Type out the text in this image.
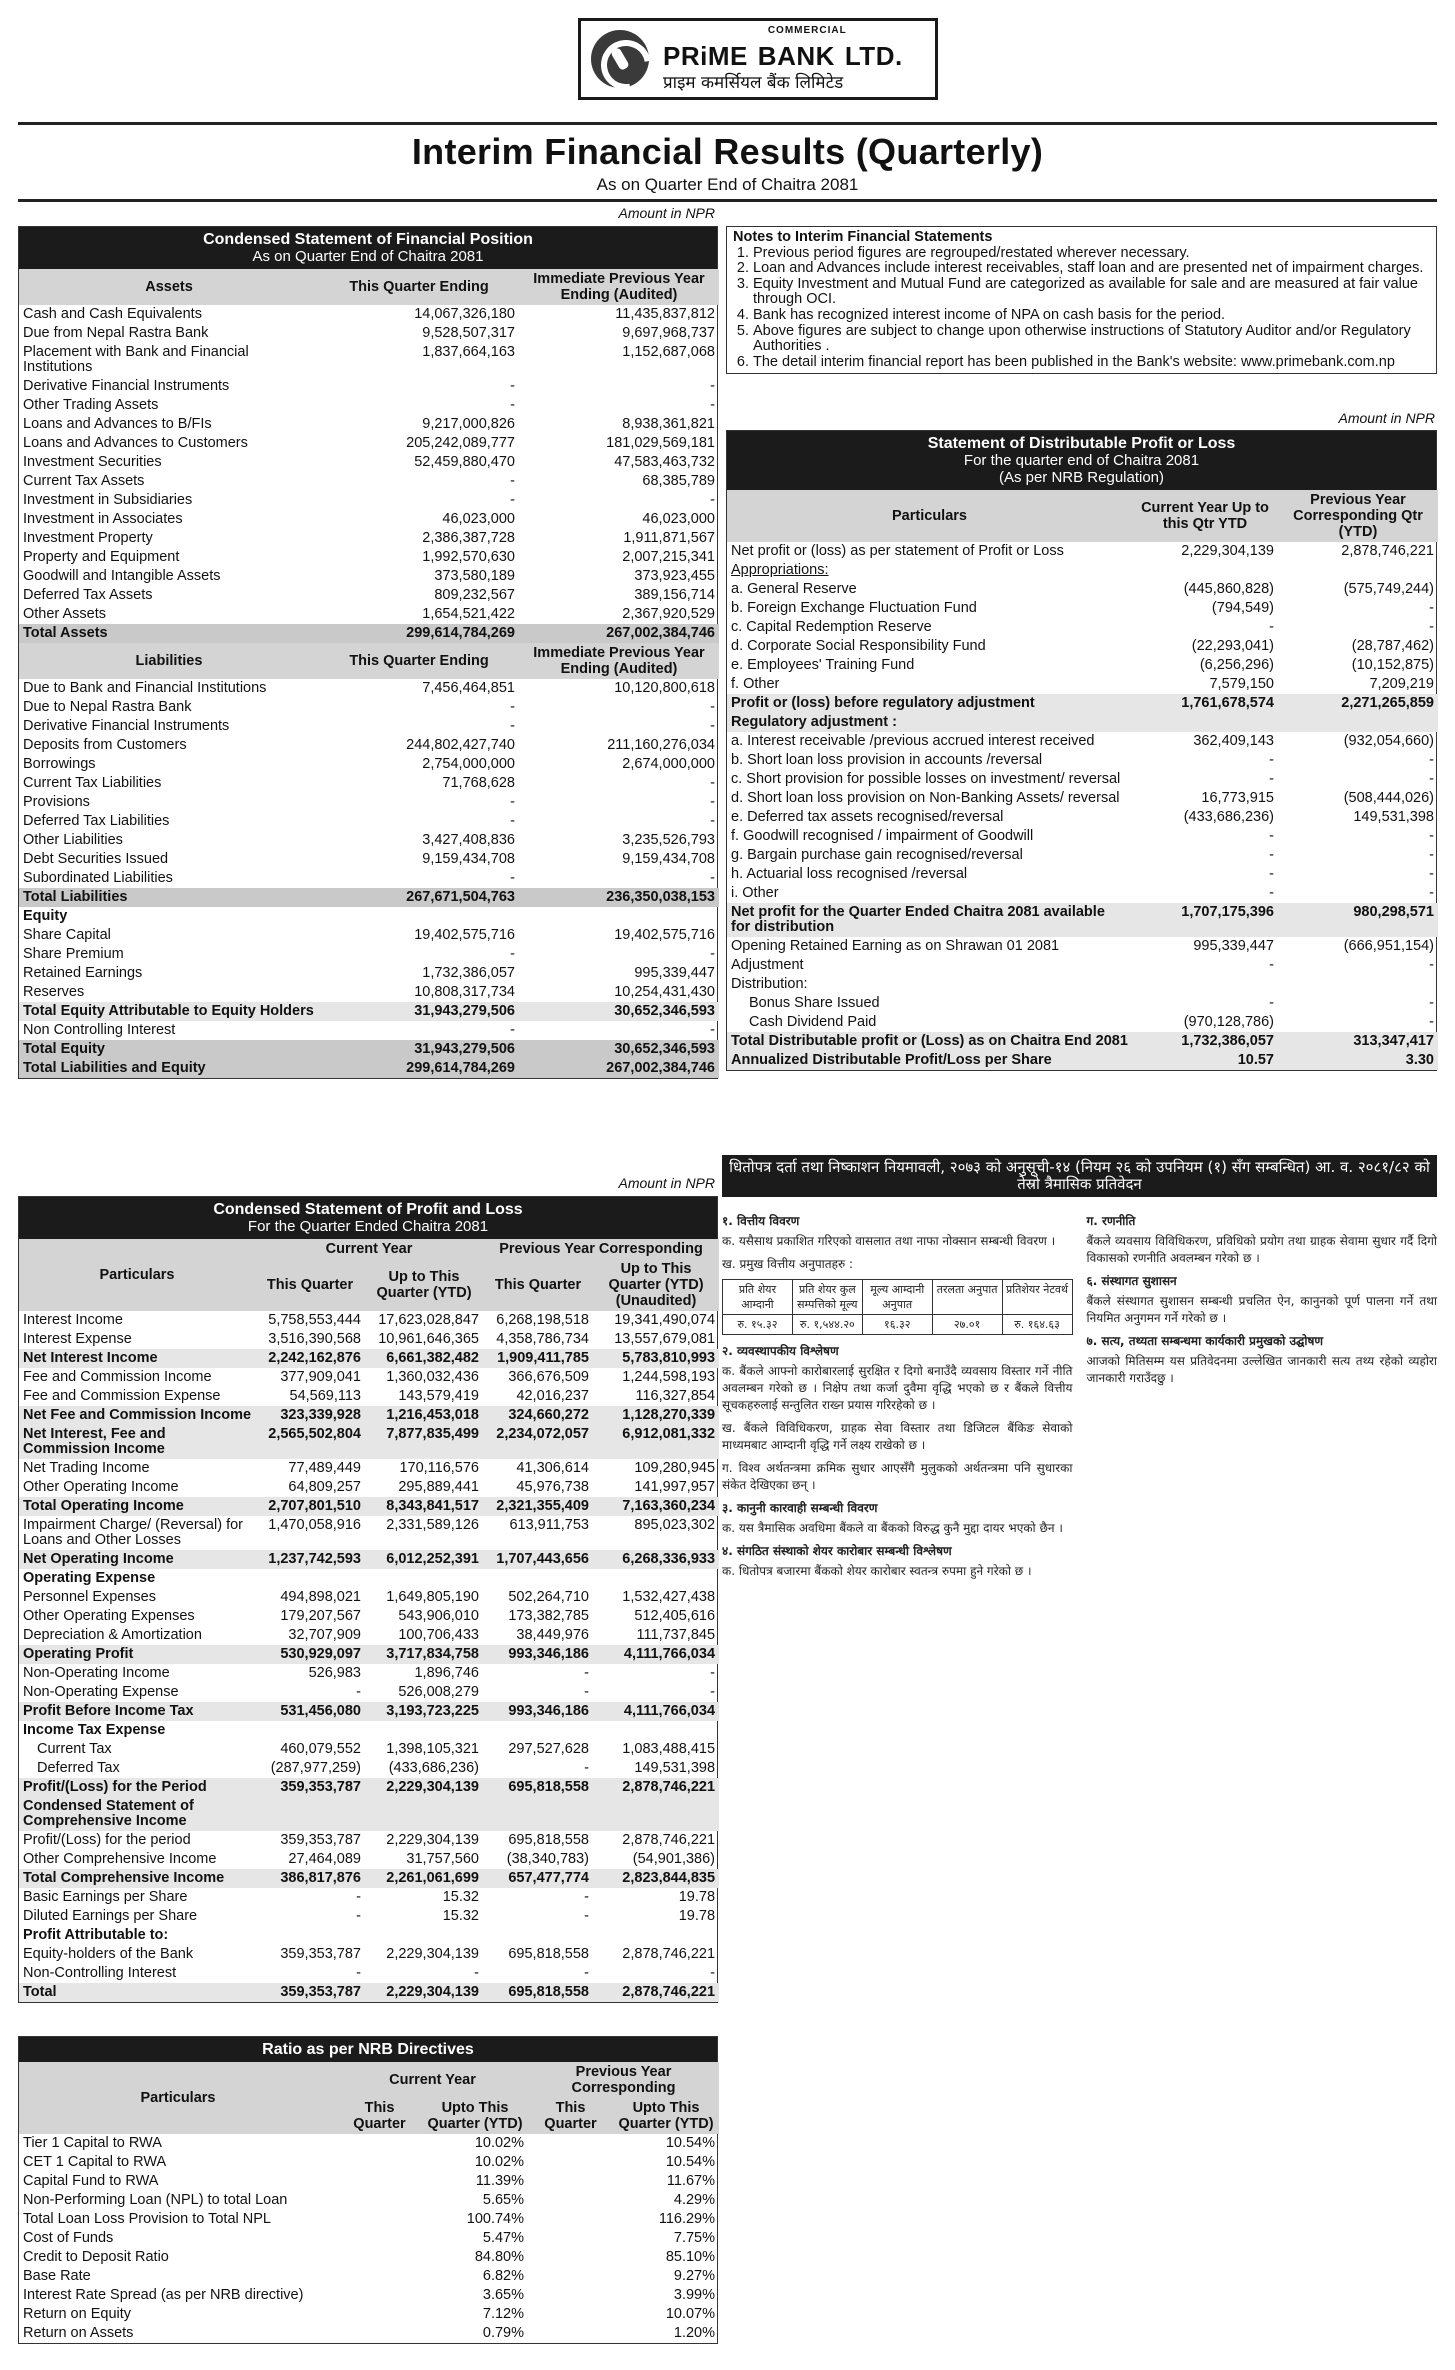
COMMERCIAL
PRiME BANK LTD.
प्राइम कमर्सियल बैंक लिमिटेड
Interim Financial Results (Quarterly)
As on Quarter End of Chaitra 2081
Amount in NPR
Condensed Statement of Financial Position
As on Quarter End of Chaitra 2081
Assets	This Quarter Ending	Immediate Previous Year Ending (Audited)
Cash and Cash Equivalents	14,067,326,180	11,435,837,812
Due from Nepal Rastra Bank	9,528,507,317	9,697,968,737
Placement with Bank and Financial Institutions	1,837,664,163	1,152,687,068
Derivative Financial Instruments	-	-
Other Trading Assets	-	-
Loans and Advances to B/FIs	9,217,000,826	8,938,361,821
Loans and Advances to Customers	205,242,089,777	181,029,569,181
Investment Securities	52,459,880,470	47,583,463,732
Current Tax Assets	-	68,385,789
Investment in Subsidiaries	-	-
Investment in Associates	46,023,000	46,023,000
Investment Property	2,386,387,728	1,911,871,567
Property and Equipment	1,992,570,630	2,007,215,341
Goodwill and Intangible Assets	373,580,189	373,923,455
Deferred Tax Assets	809,232,567	389,156,714
Other Assets	1,654,521,422	2,367,920,529
Total Assets	299,614,784,269	267,002,384,746
Liabilities	This Quarter Ending	Immediate Previous Year Ending (Audited)
Due to Bank and Financial Institutions	7,456,464,851	10,120,800,618
Due to Nepal Rastra Bank	-	-
Derivative Financial Instruments	-	-
Deposits from Customers	244,802,427,740	211,160,276,034
Borrowings	2,754,000,000	2,674,000,000
Current Tax Liabilities	71,768,628	-
Provisions	-	-
Deferred Tax Liabilities	-	-
Other Liabilities	3,427,408,836	3,235,526,793
Debt Securities Issued	9,159,434,708	9,159,434,708
Subordinated Liabilities	-	-
Total Liabilities	267,671,504,763	236,350,038,153
Equity		
Share Capital	19,402,575,716	19,402,575,716
Share Premium	-	-
Retained Earnings	1,732,386,057	995,339,447
Reserves	10,808,317,734	10,254,431,430
Total Equity Attributable to Equity Holders	31,943,279,506	30,652,346,593
Non Controlling Interest	-	-
Total Equity	31,943,279,506	30,652,346,593
Total Liabilities and Equity	299,614,784,269	267,002,384,746
Amount in NPR
Condensed Statement of Profit and Loss
For the Quarter Ended Chaitra 2081
Particulars	Current Year		Previous Year Corresponding	
	This Quarter	Up to This Quarter (YTD)	This Quarter	Up to This Quarter (YTD) (Unaudited)
Interest Income	5,758,553,444	17,623,028,847	6,268,198,518	19,341,490,074
Interest Expense	3,516,390,568	10,961,646,365	4,358,786,734	13,557,679,081
Net Interest Income	2,242,162,876	6,661,382,482	1,909,411,785	5,783,810,993
Fee and Commission Income	377,909,041	1,360,032,436	366,676,509	1,244,598,193
Fee and Commission Expense	54,569,113	143,579,419	42,016,237	116,327,854
Net Fee and Commission Income	323,339,928	1,216,453,018	324,660,272	1,128,270,339
Net Interest, Fee and Commission Income	2,565,502,804	7,877,835,499	2,234,072,057	6,912,081,332
Net Trading Income	77,489,449	170,116,576	41,306,614	109,280,945
Other Operating Income	64,809,257	295,889,441	45,976,738	141,997,957
Total Operating Income	2,707,801,510	8,343,841,517	2,321,355,409	7,163,360,234
Impairment Charge/ (Reversal) for Loans and Other Losses	1,470,058,916	2,331,589,126	613,911,753	895,023,302
Net Operating Income	1,237,742,593	6,012,252,391	1,707,443,656	6,268,336,933
Operating Expense				
Personnel Expenses	494,898,021	1,649,805,190	502,264,710	1,532,427,438
Other Operating Expenses	179,207,567	543,906,010	173,382,785	512,405,616
Depreciation & Amortization	32,707,909	100,706,433	38,449,976	111,737,845
Operating Profit	530,929,097	3,717,834,758	993,346,186	4,111,766,034
Non-Operating Income	526,983	1,896,746	-	-
Non-Operating Expense	-	526,008,279	-	-
Profit Before Income Tax	531,456,080	3,193,723,225	993,346,186	4,111,766,034
Income Tax Expense				
Current Tax	460,079,552	1,398,105,321	297,527,628	1,083,488,415
Deferred Tax	(287,977,259)	(433,686,236)	-	149,531,398
Profit/(Loss) for the Period	359,353,787	2,229,304,139	695,818,558	2,878,746,221
Condensed Statement of Comprehensive Income				
Profit/(Loss) for the period	359,353,787	2,229,304,139	695,818,558	2,878,746,221
Other Comprehensive Income	27,464,089	31,757,560	(38,340,783)	(54,901,386)
Total Comprehensive Income	386,817,876	2,261,061,699	657,477,774	2,823,844,835
Basic Earnings per Share	-	15.32	-	19.78
Diluted Earnings per Share	-	15.32	-	19.78
Profit Attributable to:				
Equity-holders of the Bank	359,353,787	2,229,304,139	695,818,558	2,878,746,221
Non-Controlling Interest	-	-	-	-
Total	359,353,787	2,229,304,139	695,818,558	2,878,746,221
Ratio as per NRB Directives
Particulars	Current Year		Previous Year Corresponding	
	This Quarter	Upto This Quarter (YTD)	This Quarter	Upto This Quarter (YTD)
Tier 1 Capital to RWA		10.02%		10.54%
CET 1 Capital to RWA		10.02%		10.54%
Capital Fund to RWA		11.39%		11.67%
Non-Performing Loan (NPL) to total Loan		5.65%		4.29%
Total Loan Loss Provision to Total NPL		100.74%		116.29%
Cost of Funds		5.47%		7.75%
Credit to Deposit Ratio		84.80%		85.10%
Base Rate		6.82%		9.27%
Interest Rate Spread (as per NRB directive)		3.65%		3.99%
Return on Equity		7.12%		10.07%
Return on Assets		0.79%		1.20%
Notes to Interim Financial Statements
1. Previous period figures are regrouped/restated wherever necessary.
2. Loan and Advances include interest receivables, staff loan and are presented net of impairment charges.
3. Equity Investment and Mutual Fund are categorized as available for sale and are measured at fair value through OCI.
4. Bank has recognized interest income of NPA on cash basis for the period.
5. Above figures are subject to change upon otherwise instructions of Statutory Auditor and/or Regulatory Authorities .
6. The detail interim financial report has been published in the Bank's website: www.primebank.com.np
Amount in NPR
Statement of Distributable Profit or Loss
For the quarter end of Chaitra 2081
(As per NRB Regulation)
Particulars	Current Year Up to this Qtr YTD	Previous Year Corresponding Qtr (YTD)
Net profit or (loss) as per statement of Profit or Loss	2,229,304,139	2,878,746,221
Appropriations:		
a. General Reserve	(445,860,828)	(575,749,244)
b. Foreign Exchange Fluctuation Fund	(794,549)	-
c. Capital Redemption Reserve	-	-
d. Corporate Social Responsibility Fund	(22,293,041)	(28,787,462)
e. Employees' Training Fund	(6,256,296)	(10,152,875)
f. Other	7,579,150	7,209,219
Profit or (loss) before regulatory adjustment	1,761,678,574	2,271,265,859
Regulatory adjustment :		
a. Interest receivable /previous accrued interest received	362,409,143	(932,054,660)
b. Short loan loss provision in accounts /reversal	-	-
c. Short provision for possible losses on investment/ reversal	-	-
d. Short loan loss provision on Non-Banking Assets/ reversal	16,773,915	(508,444,026)
e. Deferred tax assets recognised/reversal	(433,686,236)	149,531,398
f. Goodwill recognised / impairment of Goodwill	-	-
g. Bargain purchase gain recognised/reversal	-	-
h. Actuarial loss recognised /reversal	-	-
i. Other	-	-
Net profit for the Quarter Ended Chaitra 2081 available for distribution	1,707,175,396	980,298,571
Opening Retained Earning as on Shrawan 01 2081	995,339,447	(666,951,154)
Adjustment	-	-
Distribution:		
Bonus Share Issued	-	-
Cash Dividend Paid	(970,128,786)	-
Total Distributable profit or (Loss) as on Chaitra End 2081	1,732,386,057	313,347,417
Annualized Distributable Profit/Loss per Share	10.57	3.30
धितोपत्र दर्ता तथा निष्काशन नियमावली, २०७३ को अनुसूची-१४ (नियम २६ को उपनियम (१) सँग सम्बन्धित) आ. व. २०८१/८२ को तेस्रो त्रैमासिक प्रतिवेदन
१. वित्तीय विवरण

क. यसैसाथ प्रकाशित गरिएको वासलात तथा नाफा नोक्सान सम्बन्धी विवरण ।

ख. प्रमुख वित्तीय अनुपातहरु :

प्रति शेयर आम्दानी	प्रति शेयर कुल सम्पत्तिको मूल्य	मूल्य आम्दानी अनुपात	तरलता अनुपात	प्रतिशेयर नेटवर्थ
रु. १५.३२	रु. १,५४४.२०	१६.३२	२७.०१	रु. १६४.६३
२. व्यवस्थापकीय विश्लेषण

क. बैंकले आफ्नो कारोबारलाई सुरक्षित र दिगो बनाउँदै व्यवसाय विस्तार गर्ने नीति अवलम्बन गरेको छ । निक्षेप तथा कर्जा दुवैमा वृद्धि भएको छ र बैंकले वित्तीय सूचकहरुलाई सन्तुलित राख्न प्रयास गरिरहेको छ ।

ख. बैंकले विविधिकरण, ग्राहक सेवा विस्तार तथा डिजिटल बैंकिङ सेवाको माध्यमबाट आम्दानी वृद्धि गर्ने लक्ष्य राखेको छ ।

ग. विश्व अर्थतन्त्रमा क्रमिक सुधार आएसँगै मुलुकको अर्थतन्त्रमा पनि सुधारका संकेत देखिएका छन् ।

३. कानुनी कारवाही सम्बन्धी विवरण

क. यस त्रैमासिक अवधिमा बैंकले वा बैंकको विरुद्ध कुनै मुद्दा दायर भएको छैन ।

४. संगठित संस्थाको शेयर कारोबार सम्बन्धी विश्लेषण

क. धितोपत्र बजारमा बैंकको शेयर कारोबार स्वतन्त्र रुपमा हुने गरेको छ ।

ग. रणनीति

बैंकले व्यवसाय विविधिकरण, प्रविधिको प्रयोग तथा ग्राहक सेवामा सुधार गर्दै दिगो विकासको रणनीति अवलम्बन गरेको छ ।

६. संस्थागत सुशासन

बैंकले संस्थागत सुशासन सम्बन्धी प्रचलित ऐन, कानुनको पूर्ण पालना गर्ने तथा नियमित अनुगमन गर्ने गरेको छ ।

७. सत्य, तथ्यता सम्बन्धमा कार्यकारी प्रमुखको उद्घोषण

आजको मितिसम्म यस प्रतिवेदनमा उल्लेखित जानकारी सत्य तथ्य रहेको व्यहोरा जानकारी गराउँदछु ।
